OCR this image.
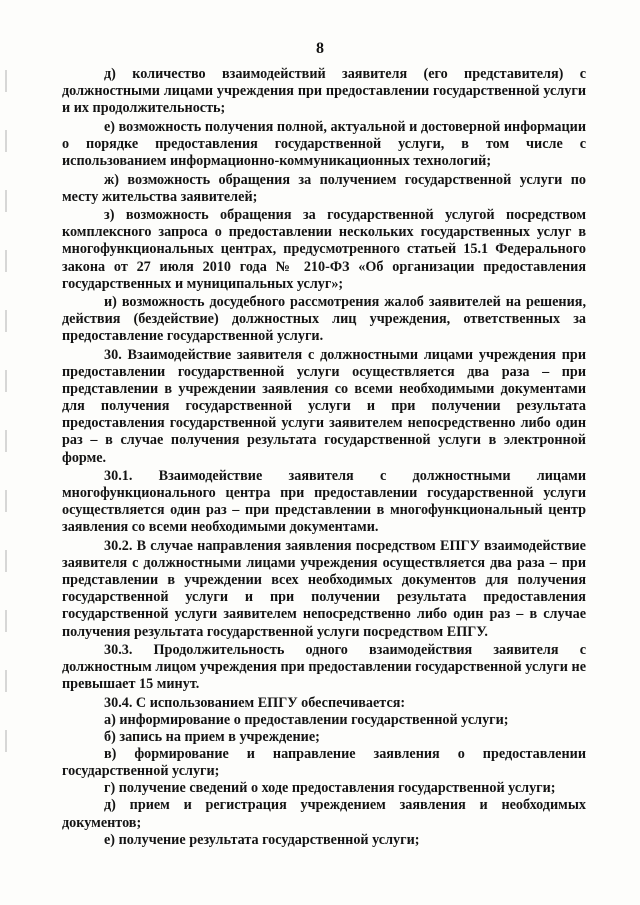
8

д) количество взаимодействий заявителя (его представителя) с должностными лицами учреждения при предоставлении государственной услуги и их продолжительность;

е) возможность получения полной, актуальной и достоверной информации о порядке предоставления государственной услуги, в том числе с использованием информационно-коммуникационных технологий;

ж) возможность обращения за получением государственной услуги по месту жительства заявителей;

з) возможность обращения за государственной услугой посредством комплексного запроса о предоставлении нескольких государственных услуг в многофункциональных центрах, предусмотренного статьей 15.1 Федерального закона от 27 июля 2010 года № 210-ФЗ «Об организации предоставления государственных и муниципальных услуг»;

и) возможность досудебного рассмотрения жалоб заявителей на решения, действия (бездействие) должностных лиц учреждения, ответственных за предоставление государственной услуги.

30. Взаимодействие заявителя с должностными лицами учреждения при предоставлении государственной услуги осуществляется два раза – при представлении в учреждении заявления со всеми необходимыми документами для получения государственной услуги и при получении результата предоставления государственной услуги заявителем непосредственно либо один раз – в случае получения результата государственной услуги в электронной форме.

30.1. Взаимодействие заявителя с должностными лицами многофункционального центра при предоставлении государственной услуги осуществляется один раз – при представлении в многофункциональный центр заявления со всеми необходимыми документами.

30.2. В случае направления заявления посредством ЕПГУ взаимодействие заявителя с должностными лицами учреждения осуществляется два раза – при представлении в учреждении всех необходимых документов для получения государственной услуги и при получении результата предоставления государственной услуги заявителем непосредственно либо один раз – в случае получения результата государственной услуги посредством ЕПГУ.

30.3. Продолжительность одного взаимодействия заявителя с должностным лицом учреждения при предоставлении государственной услуги не превышает 15 минут.

30.4. С использованием ЕПГУ обеспечивается:

а) информирование о предоставлении государственной услуги;

б) запись на прием в учреждение;

в) формирование и направление заявления о предоставлении государственной услуги;

г) получение сведений о ходе предоставления государственной услуги;

д) прием и регистрация учреждением заявления и необходимых документов;

е) получение результата государственной услуги;
